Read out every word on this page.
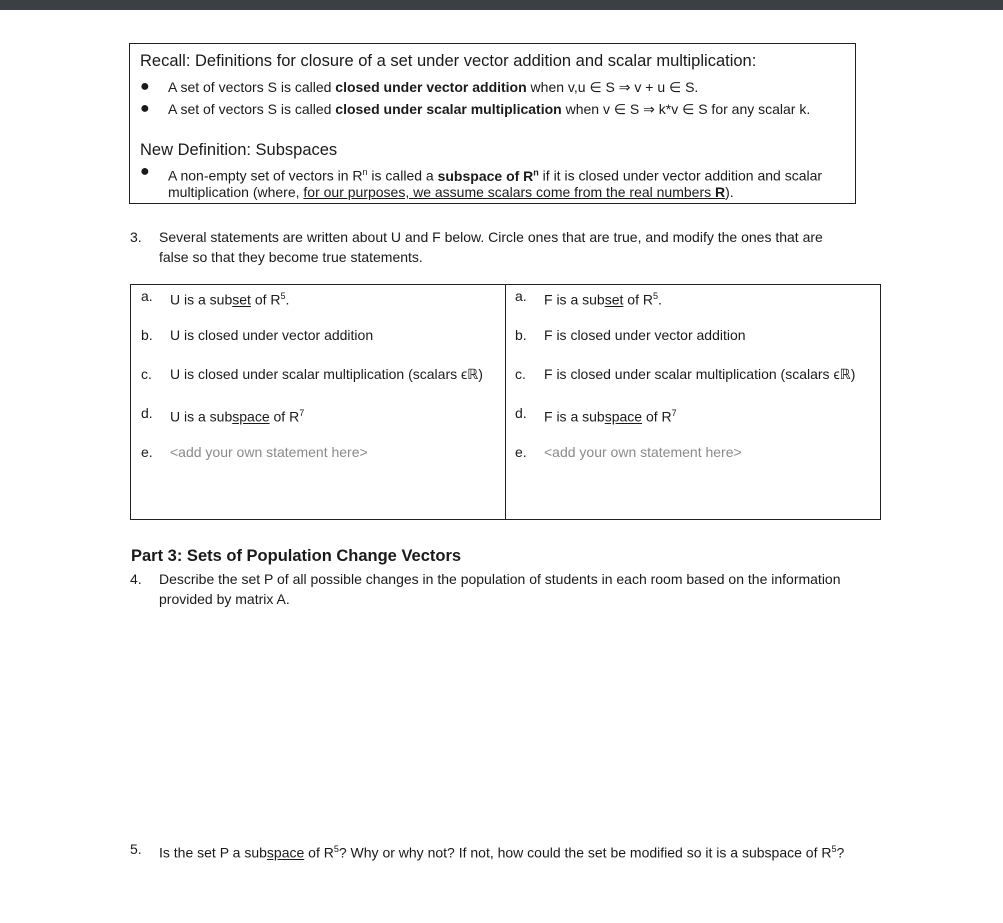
Recall: Definitions for closure of a set under vector addition and scalar multiplication:
● A set of vectors S is called closed under vector addition when v,u ∈ S ⇒ v + u ∈ S.
● A set of vectors S is called closed under scalar multiplication when v ∈ S ⇒ k*v ∈ S for any scalar k.
New Definition: Subspaces
● A non-empty set of vectors in $R^n$ is called a subspace of $R^n$ if it is closed under vector addition and scalar
multiplication (where, for our purposes, we assume scalars come from the real numbers R).
3. Several statements are written about U and F below. Circle ones that are true, and modify the ones that are
false so that they become true statements.
a. U is a subset of $R^5$.
b. U is closed under vector addition
c. U is closed under scalar multiplication (scalars ϵℝ)
d. U is a subspace of $R^7$
e. <add your own statement here>
a. F is a subset of $R^5$.
b. F is closed under vector addition
c. F is closed under scalar multiplication (scalars ϵℝ)
d. F is a subspace of $R^7$
e. <add your own statement here>
Part 3: Sets of Population Change Vectors
4. Describe the set P of all possible changes in the population of students in each room based on the information
provided by matrix A.
5. Is the set P a subspace of $R^5$? Why or why not? If not, how could the set be modified so it is a subspace of $R^5$?
